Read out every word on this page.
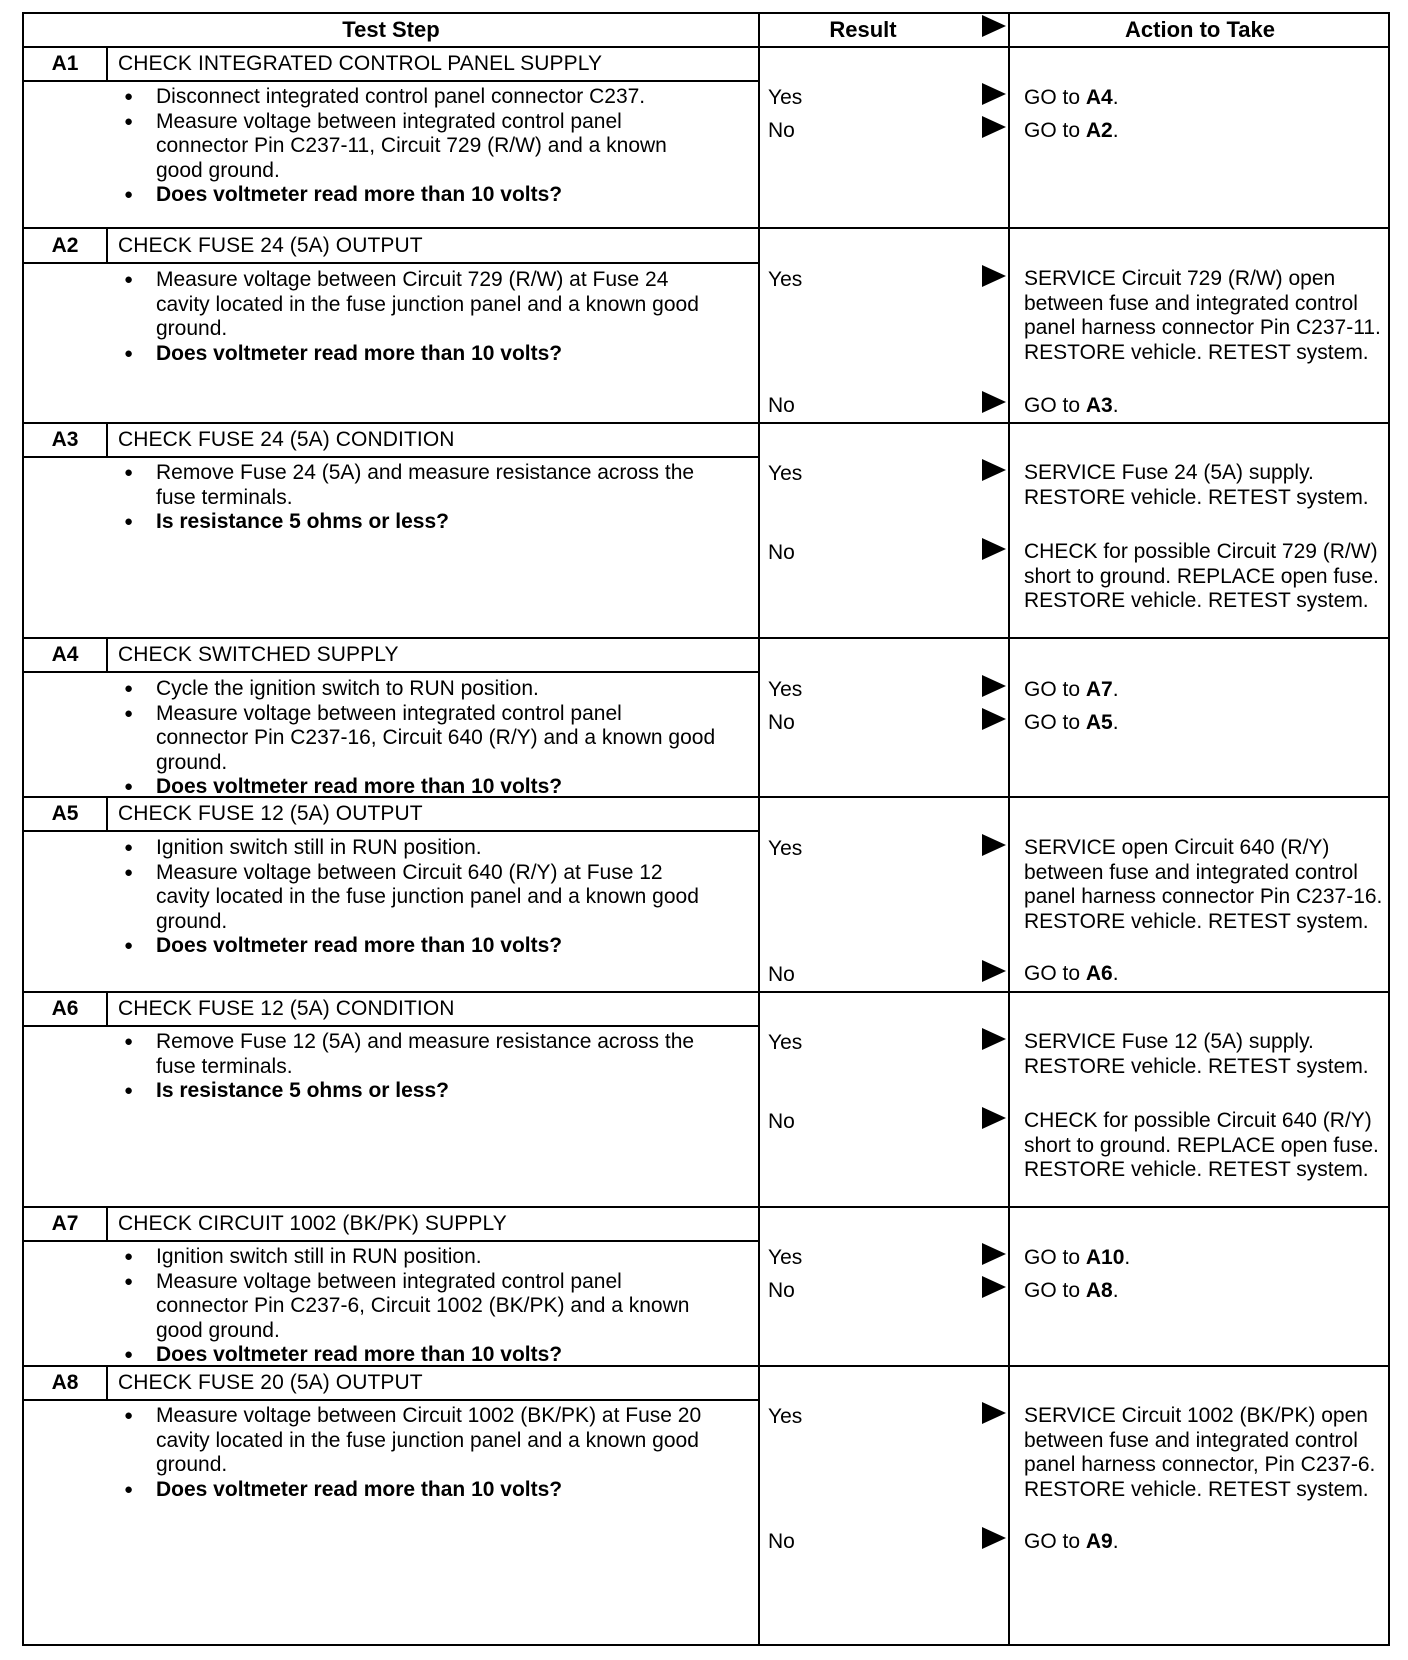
Test Step	Result	Action to Take
A1	CHECK INTEGRATED CONTROL PANEL SUPPLY
● Disconnect integrated control panel connector C237.
● Measure voltage between integrated control panel connector Pin C237-11, Circuit 729 (R/W) and a known good ground.
● Does voltmeter read more than 10 volts?
Yes	GO to A4.
No	GO to A2.
A2	CHECK FUSE 24 (5A) OUTPUT
● Measure voltage between Circuit 729 (R/W) at Fuse 24 cavity located in the fuse junction panel and a known good ground.
● Does voltmeter read more than 10 volts?
Yes	SERVICE Circuit 729 (R/W) open between fuse and integrated control panel harness connector Pin C237-11. RESTORE vehicle. RETEST system.
No	GO to A3.
A3	CHECK FUSE 24 (5A) CONDITION
● Remove Fuse 24 (5A) and measure resistance across the fuse terminals.
● Is resistance 5 ohms or less?
Yes	SERVICE Fuse 24 (5A) supply. RESTORE vehicle. RETEST system.
No	CHECK for possible Circuit 729 (R/W) short to ground. REPLACE open fuse. RESTORE vehicle. RETEST system.
A4	CHECK SWITCHED SUPPLY
● Cycle the ignition switch to RUN position.
● Measure voltage between integrated control panel connector Pin C237-16, Circuit 640 (R/Y) and a known good ground.
● Does voltmeter read more than 10 volts?
Yes	GO to A7.
No	GO to A5.
A5	CHECK FUSE 12 (5A) OUTPUT
● Ignition switch still in RUN position.
● Measure voltage between Circuit 640 (R/Y) at Fuse 12 cavity located in the fuse junction panel and a known good ground.
● Does voltmeter read more than 10 volts?
Yes	SERVICE open Circuit 640 (R/Y) between fuse and integrated control panel harness connector Pin C237-16. RESTORE vehicle. RETEST system.
No	GO to A6.
A6	CHECK FUSE 12 (5A) CONDITION
● Remove Fuse 12 (5A) and measure resistance across the fuse terminals.
● Is resistance 5 ohms or less?
Yes	SERVICE Fuse 12 (5A) supply. RESTORE vehicle. RETEST system.
No	CHECK for possible Circuit 640 (R/Y) short to ground. REPLACE open fuse. RESTORE vehicle. RETEST system.
A7	CHECK CIRCUIT 1002 (BK/PK) SUPPLY
● Ignition switch still in RUN position.
● Measure voltage between integrated control panel connector Pin C237-6, Circuit 1002 (BK/PK) and a known good ground.
● Does voltmeter read more than 10 volts?
Yes	GO to A10.
No	GO to A8.
A8	CHECK FUSE 20 (5A) OUTPUT
● Measure voltage between Circuit 1002 (BK/PK) at Fuse 20 cavity located in the fuse junction panel and a known good ground.
● Does voltmeter read more than 10 volts?
Yes	SERVICE Circuit 1002 (BK/PK) open between fuse and integrated control panel harness connector, Pin C237-6. RESTORE vehicle. RETEST system.
No	GO to A9.
